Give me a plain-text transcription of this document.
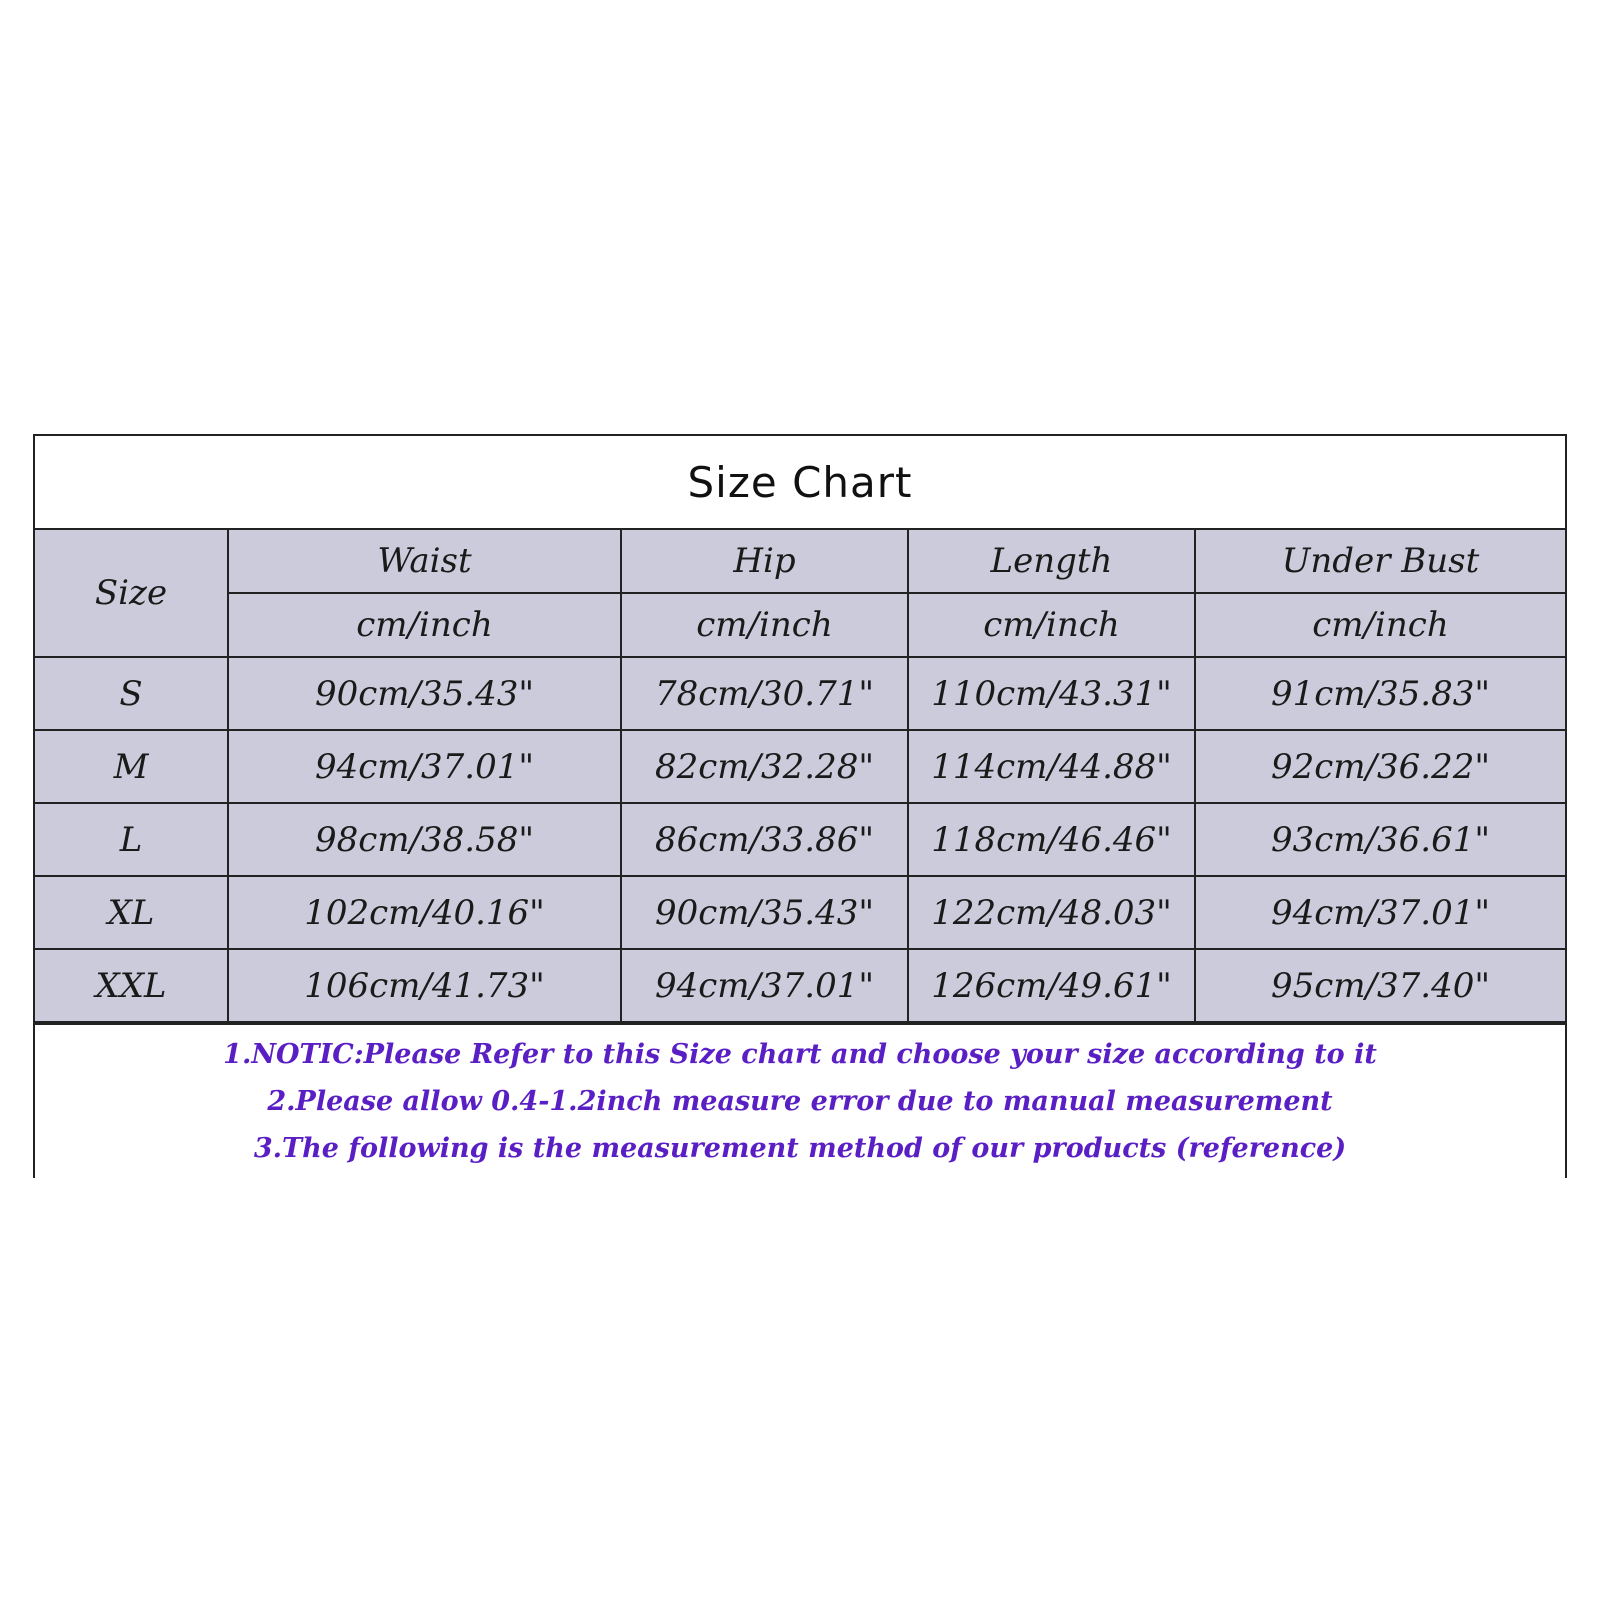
Size Chart
Size	Waist	Hip	Length	Under Bust
	cm/inch	cm/inch	cm/inch	cm/inch
S	90cm/35.43"	78cm/30.71"	110cm/43.31"	91cm/35.83"
M	94cm/37.01"	82cm/32.28"	114cm/44.88"	92cm/36.22"
L	98cm/38.58"	86cm/33.86"	118cm/46.46"	93cm/36.61"
XL	102cm/40.16"	90cm/35.43"	122cm/48.03"	94cm/37.01"
XXL	106cm/41.73"	94cm/37.01"	126cm/49.61"	95cm/37.40"
1.NOTIC:Please Refer to this Size chart and choose your size according to it
2.Please allow 0.4-1.2inch measure error due to manual measurement
3.The following is the measurement method of our products (reference)
